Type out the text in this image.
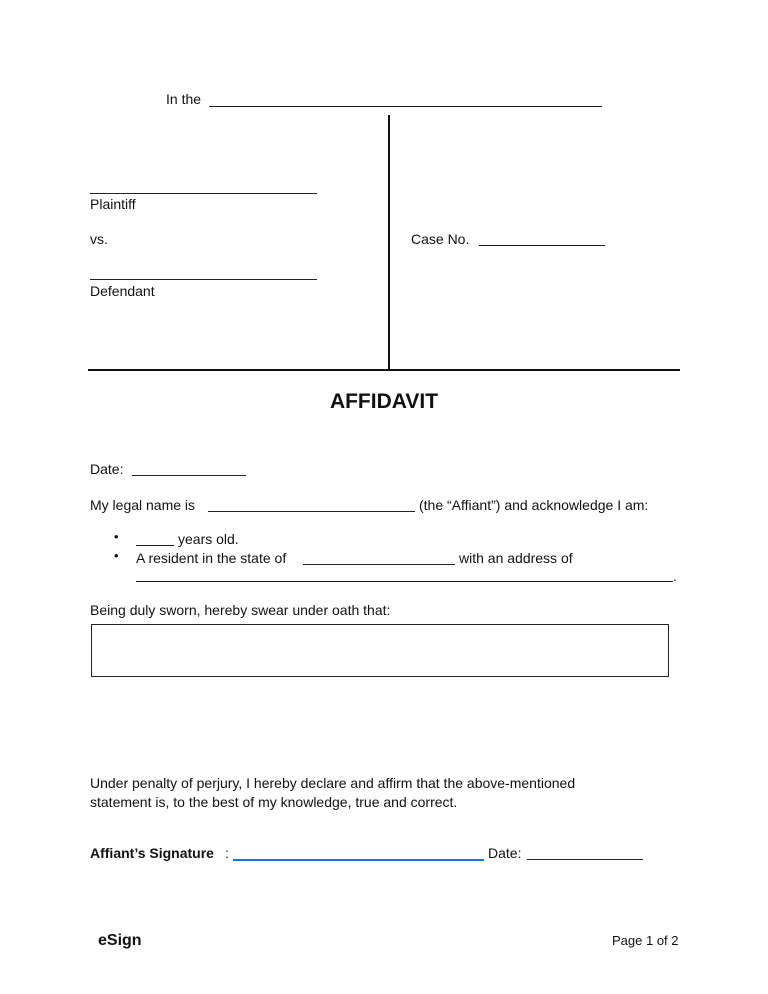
In the
Plaintiff
vs.	Case No.
Defendant
AFFIDAVIT
Date:
My legal name is	(the “Affiant”) and acknowledge I am:
•	years old.
• A resident in the state of	with an address of
.
Being duly sworn, hereby swear under oath that:
Under penalty of perjury, I hereby declare and affirm that the above-mentioned
statement is, to the best of my knowledge, true and correct.
Affiant’s Signature :	Date:
eSign	Page 1 of 2
